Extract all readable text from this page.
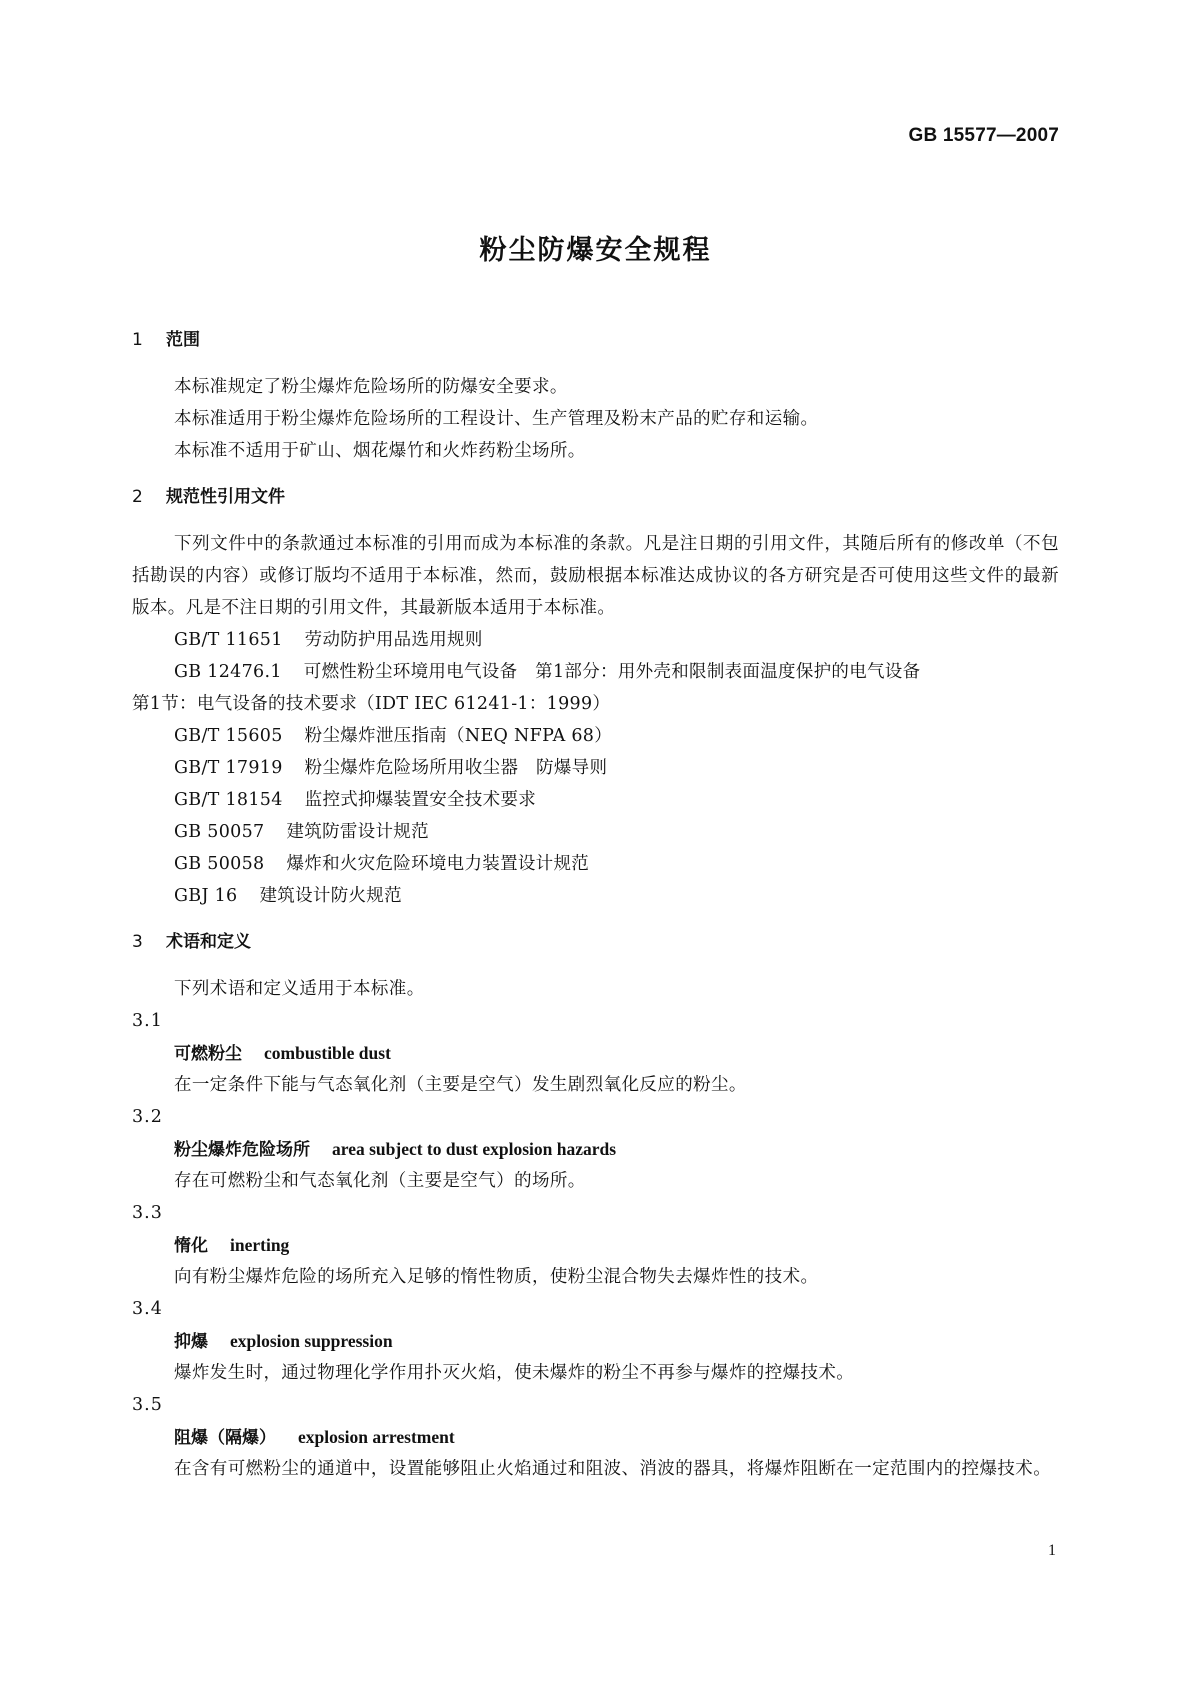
GB 15577—2007
粉尘防爆安全规程
1 范围
本标准规定了粉尘爆炸危险场所的防爆安全要求。
本标准适用于粉尘爆炸危险场所的工程设计、生产管理及粉末产品的贮存和运输。
本标准不适用于矿山、烟花爆竹和火炸药粉尘场所。
2 规范性引用文件
下列文件中的条款通过本标准的引用而成为本标准的条款。凡是注日期的引用文件，其随后所有的修改单（不包括勘误的内容）或修订版均不适用于本标准，然而，鼓励根据本标准达成协议的各方研究是否可使用这些文件的最新版本。凡是不注日期的引用文件，其最新版本适用于本标准。
GB/T 11651 劳动防护用品选用规则
GB 12476.1 可燃性粉尘环境用电气设备　第1部分：用外壳和限制表面温度保护的电气设备
第1节：电气设备的技术要求（IDT IEC 61241-1：1999）
GB/T 15605 粉尘爆炸泄压指南（NEQ NFPA 68）
GB/T 17919 粉尘爆炸危险场所用收尘器　防爆导则
GB/T 18154 监控式抑爆装置安全技术要求
GB 50057 建筑防雷设计规范
GB 50058 爆炸和火灾危险环境电力装置设计规范
GBJ 16 建筑设计防火规范
3 术语和定义
下列术语和定义适用于本标准。
3.1
可燃粉尘 combustible dust
在一定条件下能与气态氧化剂（主要是空气）发生剧烈氧化反应的粉尘。
3.2
粉尘爆炸危险场所 area subject to dust explosion hazards
存在可燃粉尘和气态氧化剂（主要是空气）的场所。
3.3
惰化 inerting
向有粉尘爆炸危险的场所充入足够的惰性物质，使粉尘混合物失去爆炸性的技术。
3.4
抑爆 explosion suppression
爆炸发生时，通过物理化学作用扑灭火焰，使未爆炸的粉尘不再参与爆炸的控爆技术。
3.5
阻爆（隔爆） explosion arrestment
在含有可燃粉尘的通道中，设置能够阻止火焰通过和阻波、消波的器具，将爆炸阻断在一定范围内的控爆技术。
1
